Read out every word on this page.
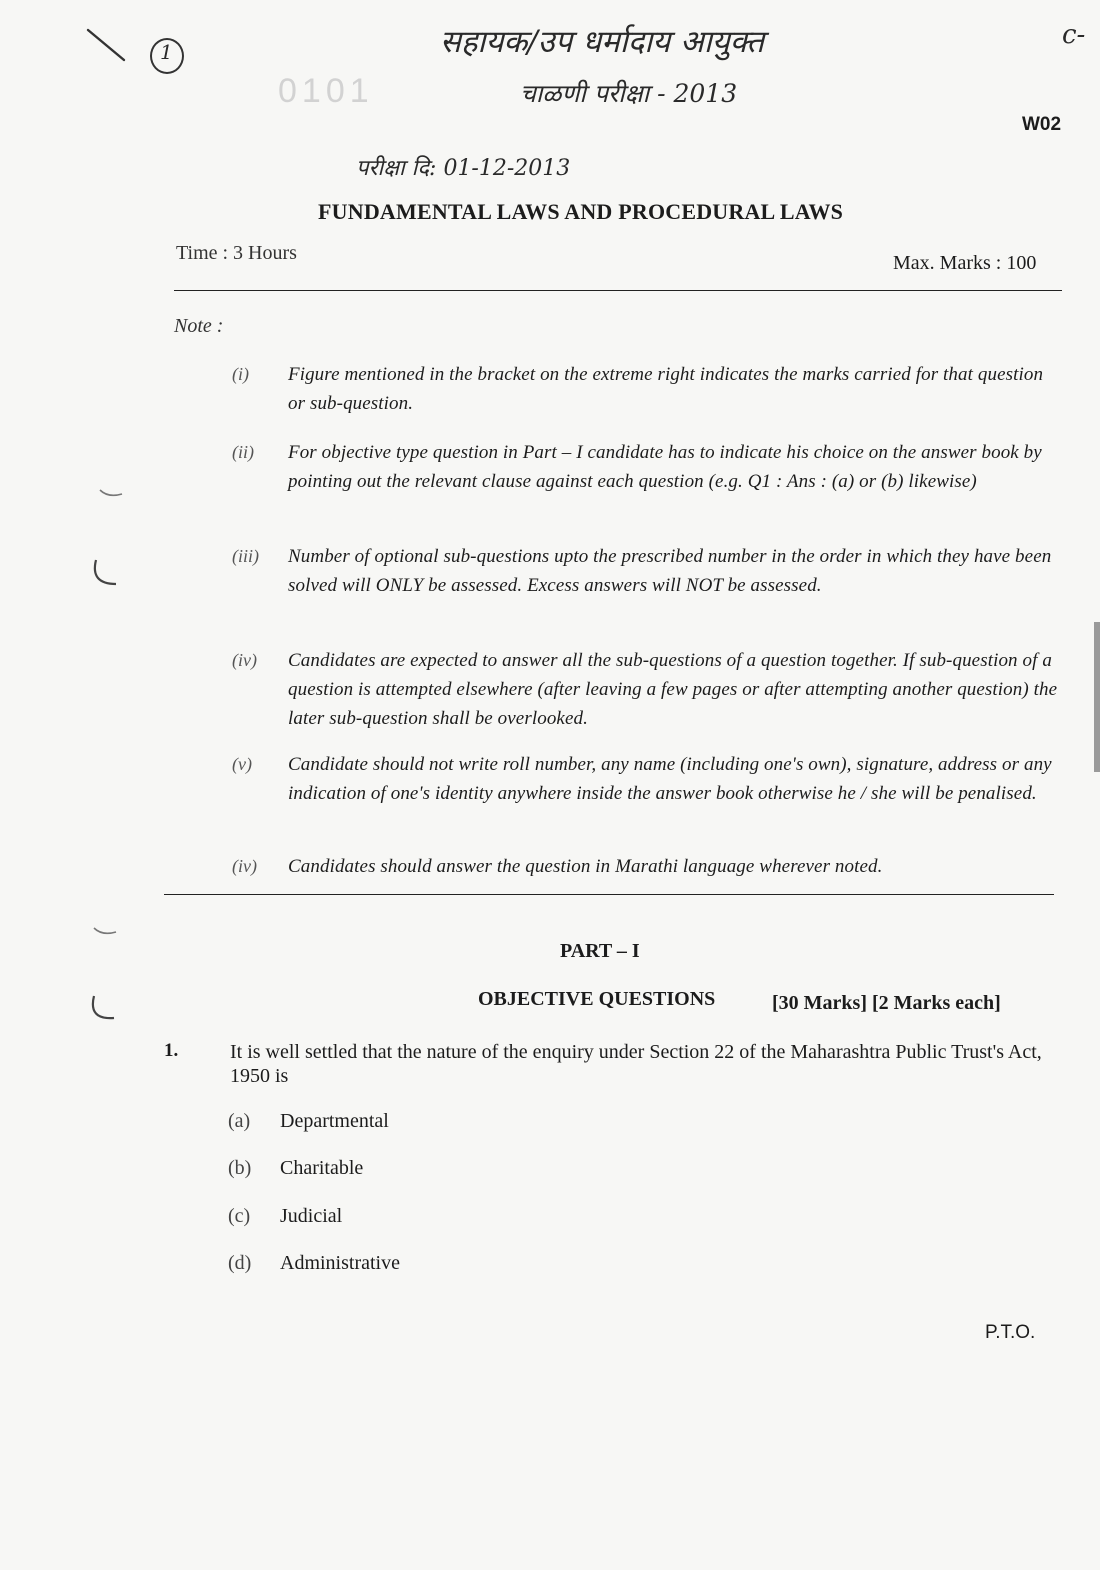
1	सहायक/उप धर्मादाय आयुक्त
चाळणी परीक्षा - 2013
c-
0101
W02
परीक्षा दि: 01-12-2013
FUNDAMENTAL LAWS AND PROCEDURAL LAWS
Time : 3 Hours	Max. Marks : 100
Note :
(i)	Figure mentioned in the bracket on the extreme right indicates the marks carried for that question or sub-question.
(ii)	For objective type question in Part – I candidate has to indicate his choice on the answer book by pointing out the relevant clause against each question (e.g. Q1 : Ans : (a) or (b) likewise)
(iii)	Number of optional sub-questions upto the prescribed number in the order in which they have been solved will ONLY be assessed. Excess answers will NOT be assessed.
(iv)	Candidates are expected to answer all the sub-questions of a question together. If sub-question of a question is attempted elsewhere (after leaving a few pages or after attempting another question) the later sub-question shall be overlooked.
(v)	Candidate should not write roll number, any name (including one's own), signature, address or any indication of one's identity anywhere inside the answer book otherwise he / she will be penalised.
(iv)	Candidates should answer the question in Marathi language wherever noted.
PART – I
OBJECTIVE QUESTIONS	[30 Marks] [2 Marks each]
1.	It is well settled that the nature of the enquiry under Section 22 of the Maharashtra Public Trust's Act, 1950 is
(a) Departmental
(b) Charitable
(c) Judicial
(d) Administrative
P.T.O.
